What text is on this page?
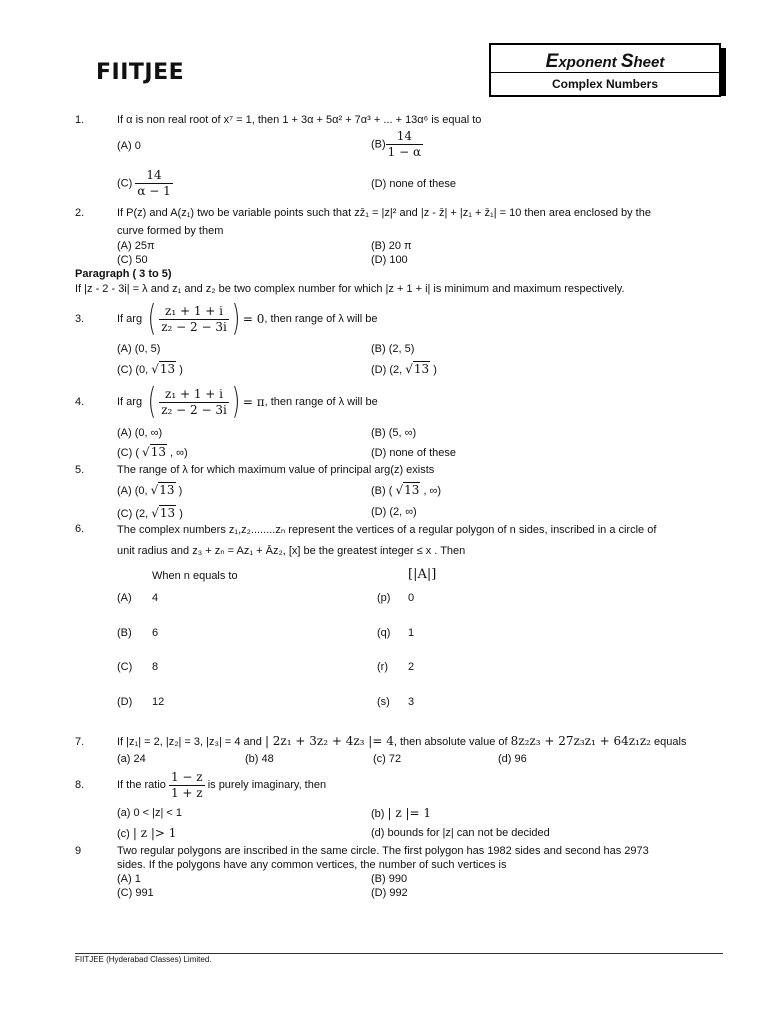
FIITJEE	Exponent Sheet
Complex Numbers
1.	If α is non real root of x⁷ = 1, then 1 + 3α + 5α² + 7α³ + ... + 13α⁶ is equal to
(A) 0	$(B) \frac{14}{1 - \alpha}$
$(C) \frac{14}{\alpha - 1}$	(D) none of these
2.	If P(z) and A(z₁) two be variable points such that zz̄₁ = |z|² and |z - z̄| + |z₁ + z̄₁| = 10 then area enclosed by the
curve formed by them
(A) 25π	(B) 20 π
(C) 50	(D) 100
Paragraph ( 3 to 5)
If |z - 2 - 3i| = λ and z₁ and z₂ be two complex number for which |z + 1 + i| is minimum and maximum respectively.
3.	If arg
( $\frac{\text{z₁ + 1 + i}}{\text{z₂ − 2 − 3i}}$ ) = 0 , then range of λ will be
(A) (0, 5)	(B) (2, 5)
(C) (0, √13 )	(D) (2, √13 )
4.	If arg
( $\frac{\text{z₁ + 1 + i}}{\text{z₂ − 2 − 3i}}$ ) = π , then range of λ will be
(A) (0, ∞)	(B) (5, ∞)
(C) ( √13 , ∞)	(D) none of these
5.	The range of λ for which maximum value of principal arg(z) exists
(A) (0, √13 )	(B) ( √13 , ∞)
(C) (2, √13 )	(D) (2, ∞)
6.	The complex numbers z₁,z₂........zₙ represent the vertices of a regular polygon of n sides, inscribed in a circle of
unit radius and z₃ + zₙ = Az₁ + Āz₂, [x] be the greatest integer ≤ x . Then
When n equals to	[|A|]
(A) 4	(p) 0
(B) 6	(q) 1
(C) 8	(r) 2
(D) 12	(s) 3
7.	If |z₁| = 2, |z₂| = 3, |z₃| = 4 and | 2z₁ + 3z₂ + 4z₃ |= 4, then absolute value of 8z₂z₃ + 27z₃z₁ + 64z₁z₂ equals
(a) 24	(b) 48	(c) 72	(d) 96
8.	If the ratio
$\frac{1 - z}{1 + z}$
is purely imaginary, then
(a) 0 < |z| < 1	(b) | z |= 1
(c) | z |> 1	(d) bounds for |z| can not be decided
9	Two regular polygons are inscribed in the same circle. The first polygon has 1982 sides and second has 2973
sides. If the polygons have any common vertices, the number of such vertices is
(A) 1	(B) 990
(C) 991	(D) 992
FIITJEE (Hyderabad Classes) Limited.
